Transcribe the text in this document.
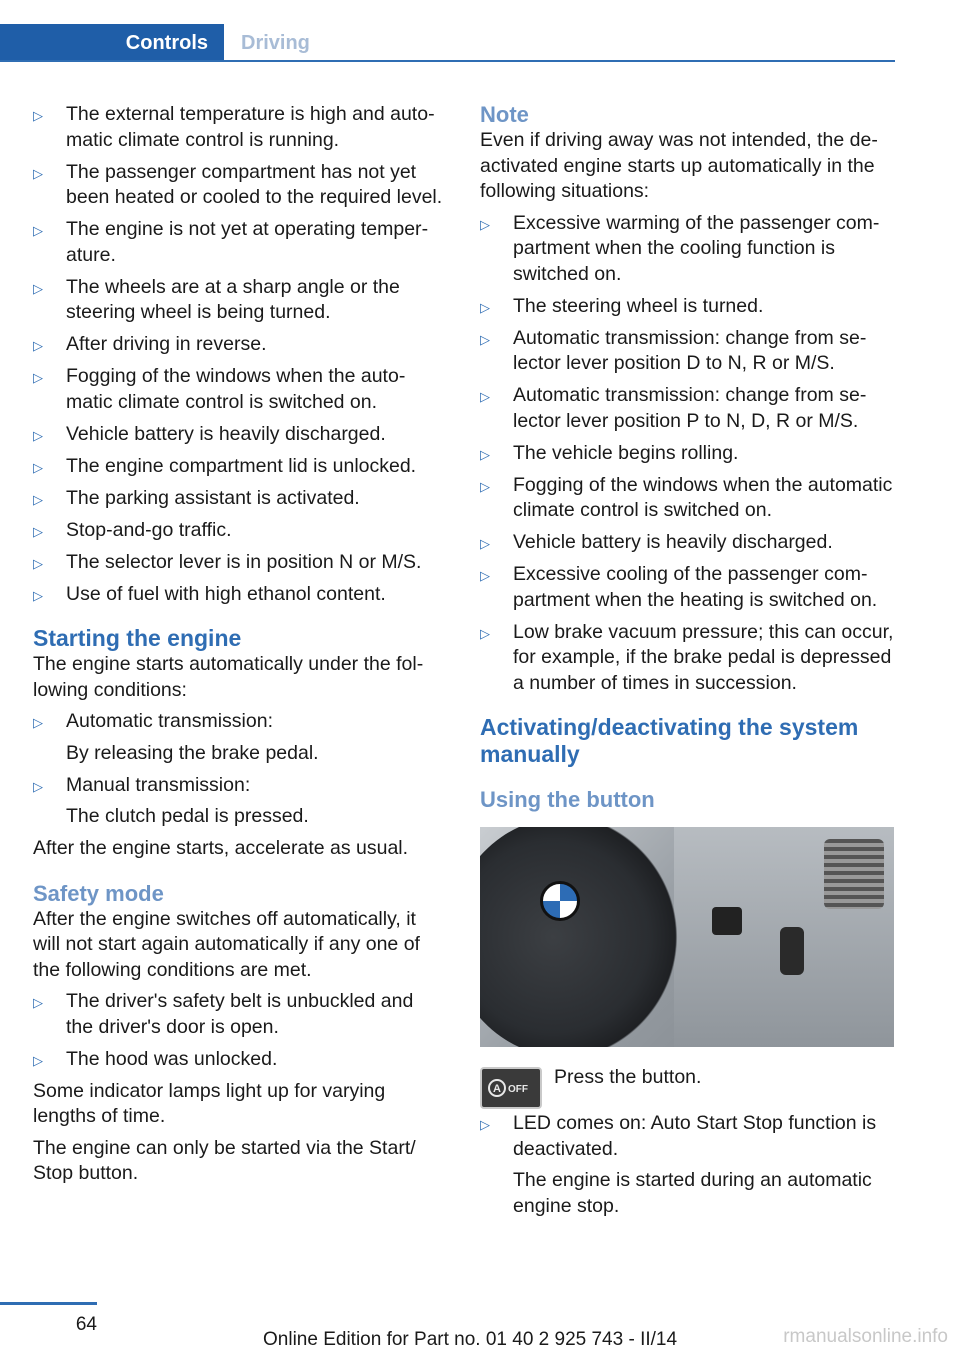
Controls	Driving
▷ The external temperature is high and automatic climate control is running.
▷ The passenger compartment has not yet been heated or cooled to the required level.
▷ The engine is not yet at operating temperature.
▷ The wheels are at a sharp angle or the steering wheel is being turned.
▷ After driving in reverse.
▷ Fogging of the windows when the automatic climate control is switched on.
▷ Vehicle battery is heavily discharged.
▷ The engine compartment lid is unlocked.
▷ The parking assistant is activated.
▷ Stop-and-go traffic.
▷ The selector lever is in position N or M/S.
▷ Use of fuel with high ethanol content.
Starting the engine

The engine starts automatically under the following conditions:

▷ Automatic transmission:
By releasing the brake pedal.
▷ Manual transmission:
The clutch pedal is pressed.

After the engine starts, accelerate as usual.

Safety mode

After the engine switches off automatically, it will not start again automatically if any one of the following conditions are met.

▷ The driver's safety belt is unbuckled and the driver's door is open.
▷ The hood was unlocked.

Some indicator lamps light up for varying lengths of time.

The engine can only be started via the Start/ Stop button.

Note

Even if driving away was not intended, the deactivated engine starts up automatically in the following situations:

▷ Excessive warming of the passenger compartment when the cooling function is switched on.
▷ The steering wheel is turned.
▷ Automatic transmission: change from selector lever position D to N, R or M/S.
▷ Automatic transmission: change from selector lever position P to N, D, R or M/S.
▷ The vehicle begins rolling.
▷ Fogging of the windows when the automatic climate control is switched on.
▷ Vehicle battery is heavily discharged.
▷ Excessive cooling of the passenger compartment when the heating is switched on.
▷ Low brake vacuum pressure; this can occur, for example, if the brake pedal is depressed a number of times in succession.
Activating/deactivating the system manually
Using the button
A OFF
Press the button.
▷ LED comes on: Auto Start Stop function is deactivated.
The engine is started during an automatic engine stop.
64
Online Edition for Part no. 01 40 2 925 743 - II/14	rmanualsonline.info
